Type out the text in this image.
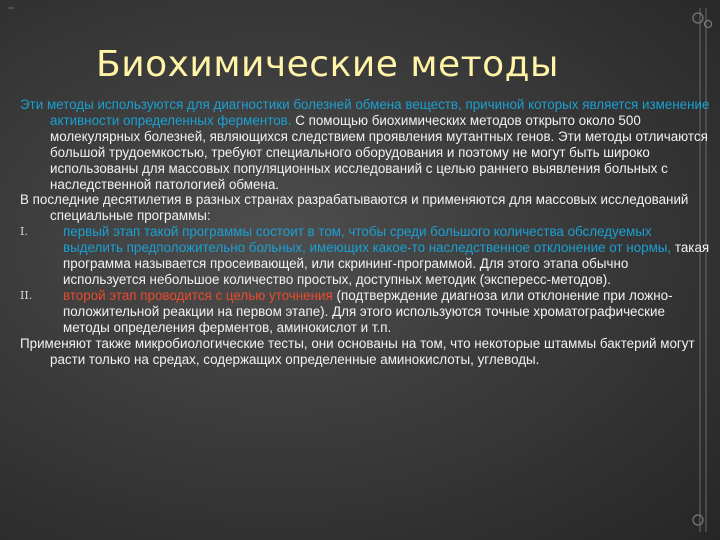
Биохимические методы

Эти методы используются для диагностики болезней обмена веществ, причиной которых является изменение активности определенных ферментов. С помощью биохимических методов открыто около 500 молекулярных болезней, являющихся следствием проявления мутантных генов. Эти методы отличаются большой трудоемкостью, требуют специального оборудования и поэтому не могут быть широко использованы для массовых популяционных исследований с целью раннего выявления больных с наследственной патологией обмена.

В последние десятилетия в разных странах разрабатываются и применяются для массовых исследований специальные программы:

I.	первый этап такой программы состоит в том, чтобы среди большого количества обследуемых выделить предположительно больных, имеющих какое-то наследственное отклонение от нормы, такая программа называется просеивающей, или скрининг-программой. Для этого этапа обычно используется небольшое количество простых, доступных методик (экспересс-методов).
II. второй этап проводится с целью уточнения (подтверждение диагноза или отклонение при ложно-положительной реакции на первом этапе). Для этого используются точные хроматографические методы определения ферментов, аминокислот и т.п.

Применяют также микробиологические тесты, они основаны на том, что некоторые штаммы бактерий могут расти только на средах, содержащих определенные аминокислоты, углеводы.
